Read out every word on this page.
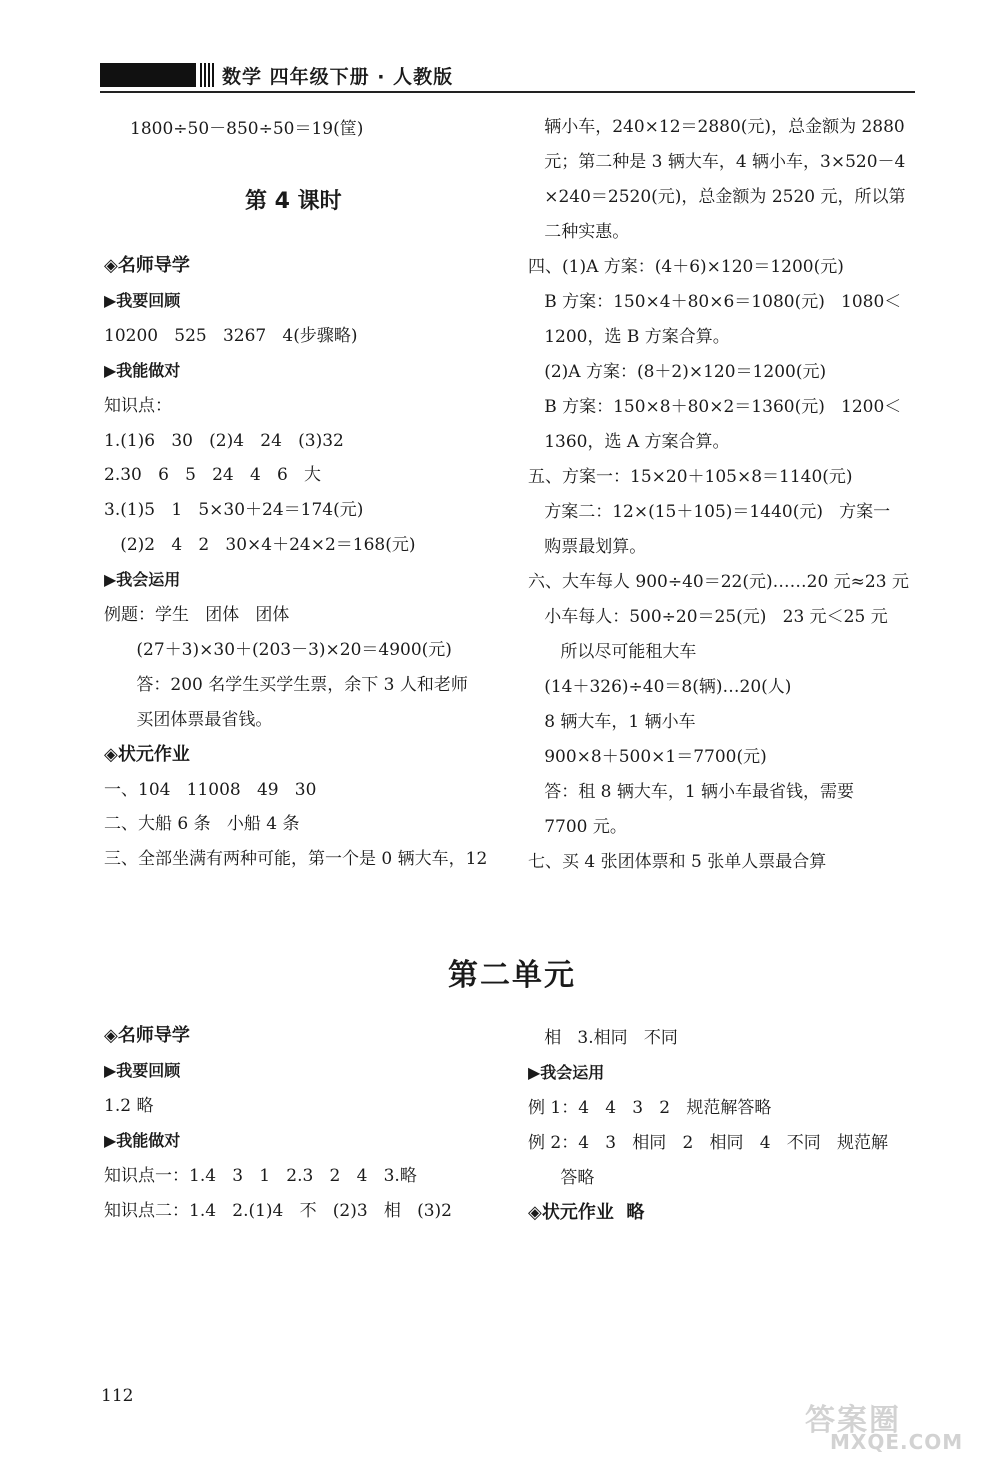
数学 四年级下册 · 人教版
1800÷50－850÷50＝19(筐)
第 4 课时
◈名师导学
▶我要回顾
10200   525   3267   4(步骤略)
▶我能做对
知识点：
1.(1)6   30   (2)4   24   (3)32
2.30   6   5   24   4   6   大
3.(1)5   1   5×30＋24＝174(元)
(2)2   4   2   30×4＋24×2＝168(元)
▶我会运用
例题：学生   团体   团体
(27＋3)×30＋(203－3)×20＝4900(元)
答：200 名学生买学生票，余下 3 人和老师
买团体票最省钱。
◈状元作业
一、104   11008   49   30
二、大船 6 条   小船 4 条
三、全部坐满有两种可能，第一个是 0 辆大车，12
辆小车，240×12＝2880(元)，总金额为 2880
元；第二种是 3 辆大车，4 辆小车，3×520－4
×240＝2520(元)，总金额为 2520 元，所以第
二种实惠。
四、(1)A 方案：(4＋6)×120＝1200(元)
B 方案：150×4＋80×6＝1080(元)   1080＜
1200，选 B 方案合算。
(2)A 方案：(8＋2)×120＝1200(元)
B 方案：150×8＋80×2＝1360(元)   1200＜
1360，选 A 方案合算。
五、方案一：15×20＋105×8＝1140(元)
方案二：12×(15＋105)＝1440(元)   方案一
购票最划算。
六、大车每人 900÷40＝22(元)……20 元≈23 元
小车每人：500÷20＝25(元)   23 元＜25 元
所以尽可能租大车
(14＋326)÷40＝8(辆)…20(人)
8 辆大车，1 辆小车
900×8＋500×1＝7700(元)
答：租 8 辆大车，1 辆小车最省钱，需要
7700 元。
七、买 4 张团体票和 5 张单人票最合算
第二单元
◈名师导学
▶我要回顾
1.2 略
▶我能做对
知识点一：1.4   3   1   2.3   2   4   3.略
知识点二：1.4   2.(1)4   不   (2)3   相   (3)2
相   3.相同   不同
▶我会运用
例 1：4   4   3   2   规范解答略
例 2：4   3   相同   2   相同   4   不同   规范解
答略
◈状元作业  略
112
答案圈
MXQE.COM
